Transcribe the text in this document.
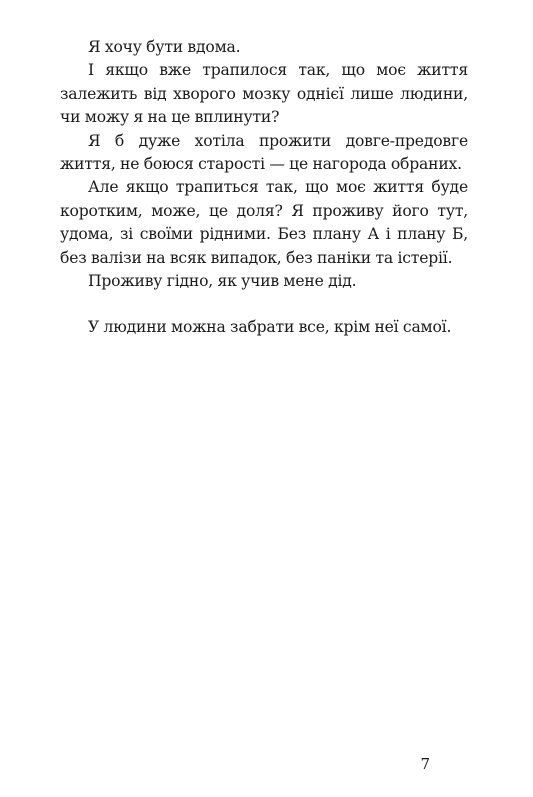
Я хочу бути вдома.

І якщо вже трапилося так, що моє життя залежить від хворого мозку однієї лише людини, чи можу я на це вплинути?

Я б дуже хотіла прожити довге-предовге життя, не боюся старості — це нагорода обраних.

Але якщо трапиться так, що моє життя буде коротким, може, це доля? Я проживу його тут, удома, зі своїми рідними. Без плану А і плану Б, без валізи на всяк випадок, без паніки та істерії.

Проживу гідно, як учив мене дід.

У людини можна забрати все, крім неї самої.

7
